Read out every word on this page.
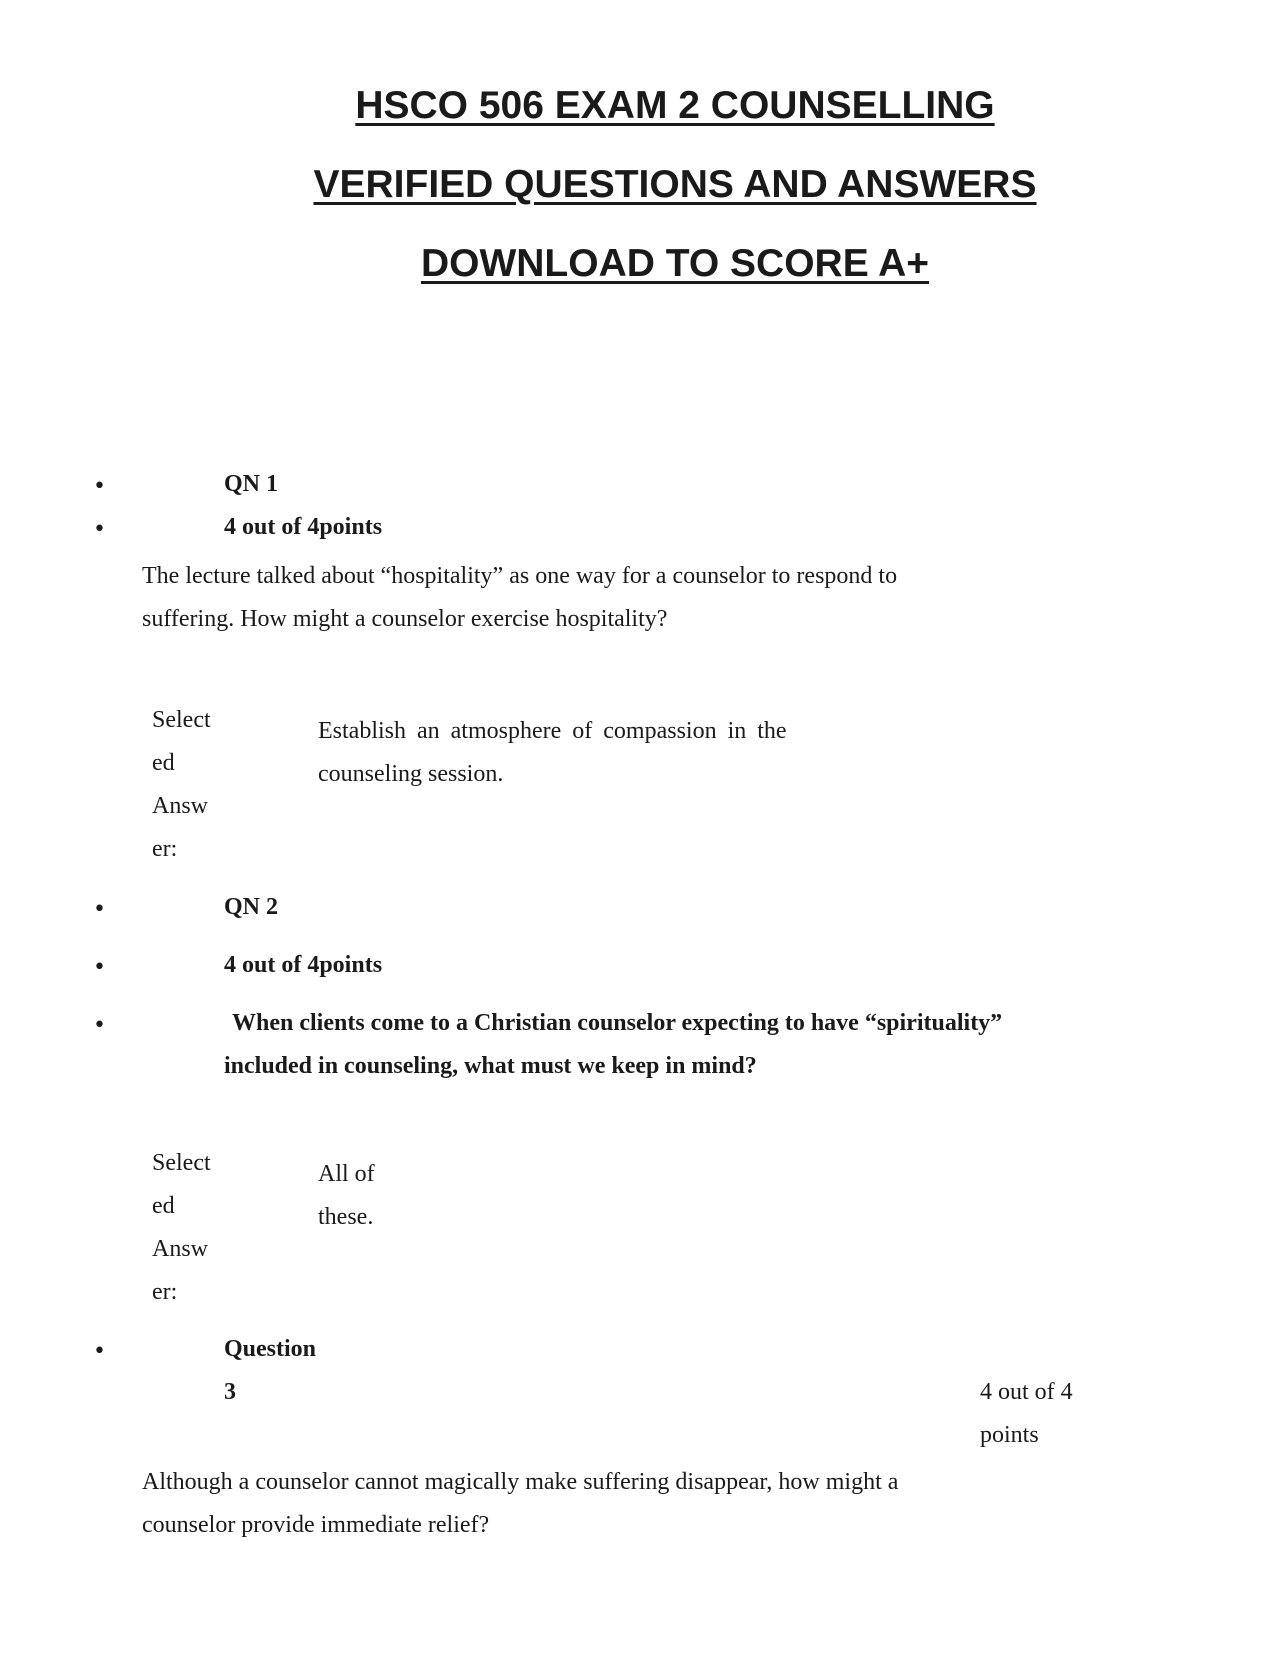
HSCO 506 EXAM 2 COUNSELLING
VERIFIED QUESTIONS AND ANSWERS
DOWNLOAD TO SCORE A+
•	QN 1
•	4 out of 4points
The lecture talked about “hospitality” as one way for a counselor to respond to
suffering. How might a counselor exercise hospitality?
Select
ed
Answ
er:
Establish an atmosphere of compassion in the
counseling session.
•	QN 2
•	4 out of 4points
•	When clients come to a Christian counselor expecting to have “spirituality”
included in counseling, what must we keep in mind?
Select
ed
Answ
er:
All of
these.
•	Question
3	4 out of 4
points
Although a counselor cannot magically make suffering disappear, how might a
counselor provide immediate relief?
